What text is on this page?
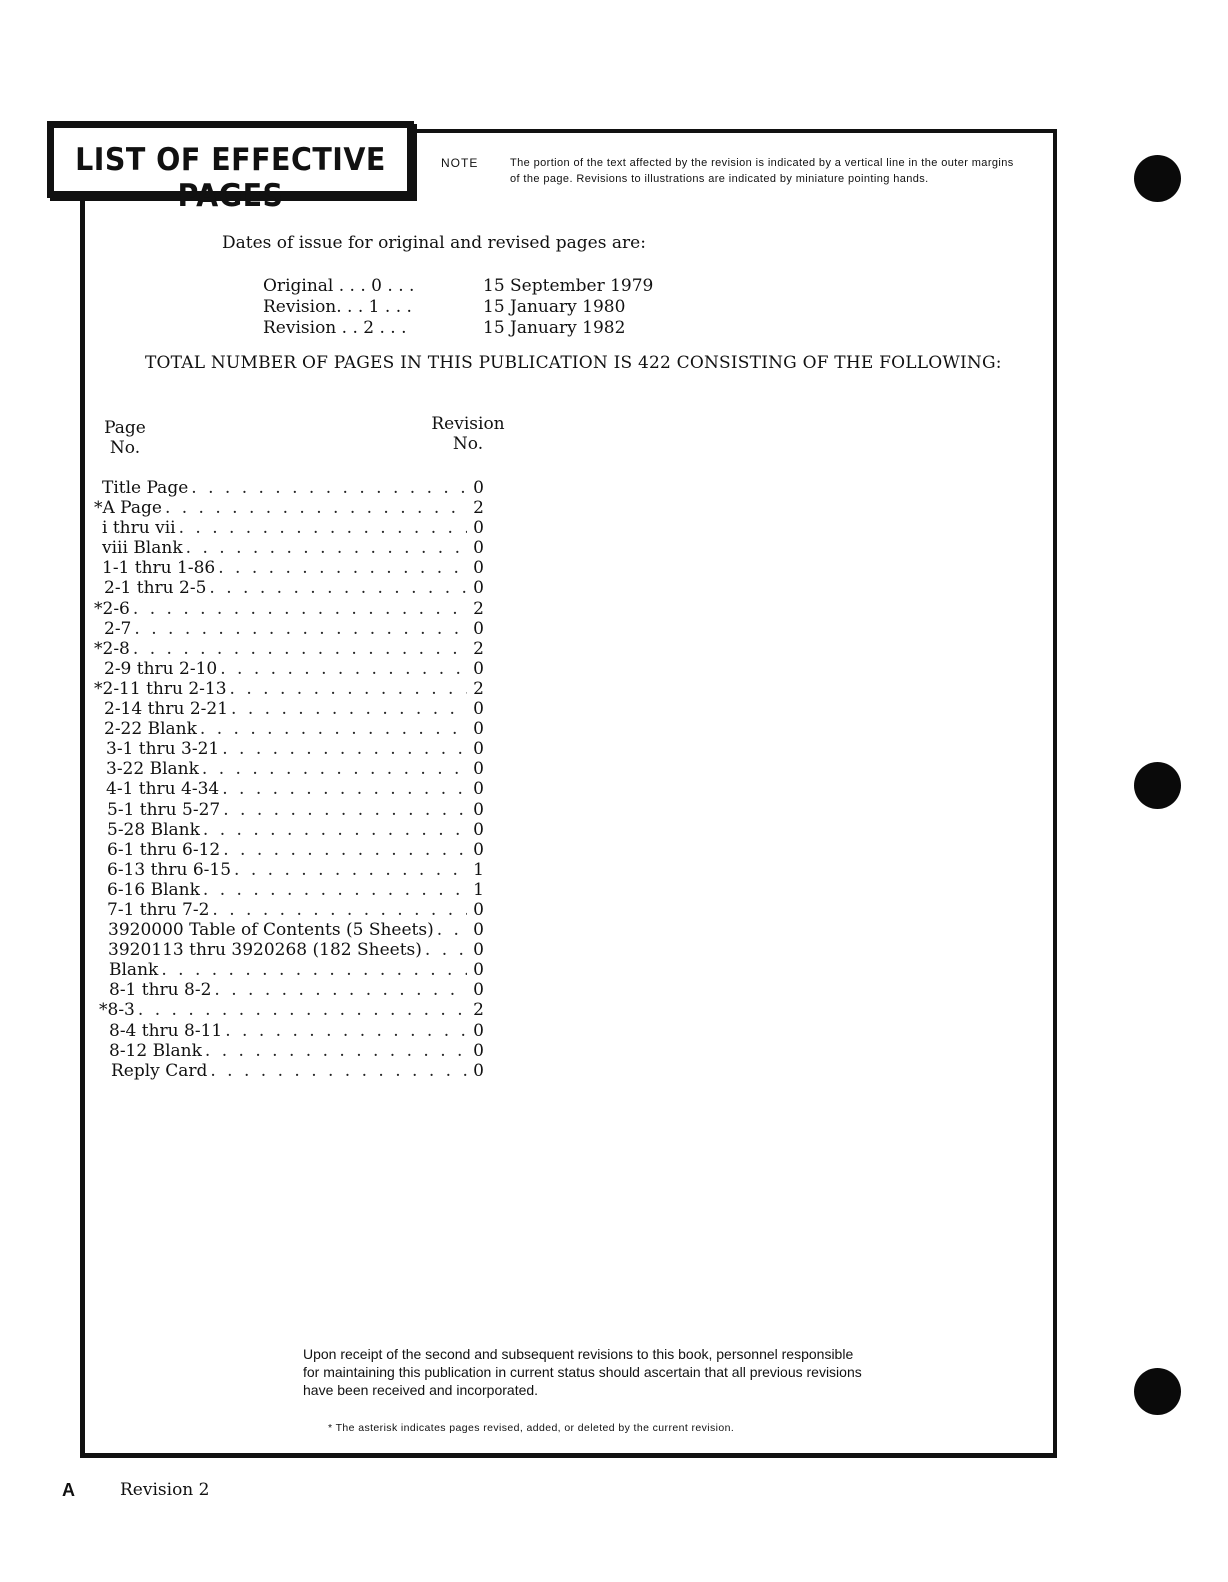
LIST OF EFFECTIVE PAGES
NOTE	The portion of the text affected by the revision is indicated by a vertical line in the outer margins of the page. Revisions to illustrations are indicated by miniature pointing hands.
Dates of issue for original and revised pages are:
Original . . . 0 . . .	15 September 1979
Revision. . . 1 . . .	15 January 1980
Revision . . 2 . . .	15 January 1982
TOTAL NUMBER OF PAGES IN THIS PUBLICATION IS 422 CONSISTING OF THE FOLLOWING:
Page
No.
Revision
No.
Title Page . . .	0
*A Page . . .	2
i thru vii . . .	0
viii Blank . . .	0
1-1 thru 1-86 . . .	0
2-1 thru 2-5 . . .	0
*2-6 . . .	2
2-7 . . .	0
*2-8 . . .	2
2-9 thru 2-10 . . .	0
*2-11 thru 2-13 . . .	2
2-14 thru 2-21 . . .	0
2-22 Blank . . .	0
3-1 thru 3-21 . . .	0
3-22 Blank . . .	0
4-1 thru 4-34 . . .	0
5-1 thru 5-27 . . .	0
5-28 Blank . . .	0
6-1 thru 6-12 . . .	0
6-13 thru 6-15 . . .	1
6-16 Blank . . .	1
7-1 thru 7-2 . . .	0
3920000 Table of Contents (5 Sheets) . . . 0
3920113 thru 3920268 (182 Sheets) . . .	0
Blank . . .	0
8-1 thru 8-2 . . .	0
*8-3 . . .	2
8-4 thru 8-11 . . .	0
8-12 Blank . . .	0
Reply Card . . .	0
Upon receipt of the second and subsequent revisions to this book, personnel responsible for maintaining this publication in current status should ascertain that all previous revisions have been received and incorporated.
* The asterisk indicates pages revised, added, or deleted by the current revision.
A	Revision 2
